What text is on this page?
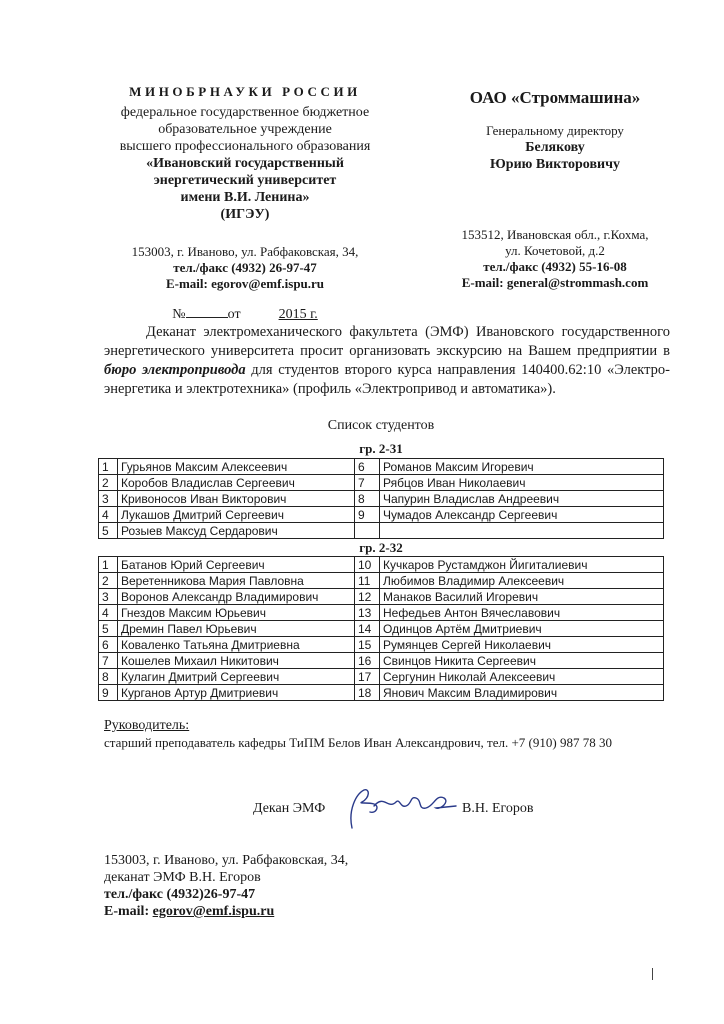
МИНОБРНАУКИ РОССИИ
федеральное государственное бюджетное
образовательное учреждение
высшего профессионального образования
«Ивановский государственный
энергетический университет
имени В.И. Ленина»
(ИГЭУ)
153003, г. Иваново, ул. Рабфаковская, 34,
тел./факс (4932) 26-97-47
E-mail: egorov@emf.ispu.ru
№	от	2015 г.
ОАО «Строммашина»
Генеральному директору
Белякову
Юрию Викторовичу
153512, Ивановская обл., г.Кохма,
ул. Кочетовой, д.2
тел./факс (4932) 55-16-08
E-mail: general@strommash.com

Деканат электромеханического факультета (ЭМФ) Ивановского государственного энергетического университета просит организовать экскурсию на Вашем предприятии в бюро электропривода для студентов второго курса направления 140400.62:10 «Электро-энергетика и электротехника» (профиль «Электропривод и автоматика»).

Список студентов
гр. 2-31
1	Гурьянов Максим Алексеевич	6	Романов Максим Игоревич
2	Коробов Владислав Сергеевич	7	Рябцов Иван Николаевич
3	Кривоносов Иван Викторович	8	Чапурин Владислав Андреевич
4	Лукашов Дмитрий Сергеевич	9	Чумадов Александр Сергеевич
5	Розыев Максуд Сердарович		
гр. 2-32
1	Батанов Юрий Сергеевич	10	Кучкаров Рустамджон Йигиталиевич
2	Веретенникова Мария Павловна	11	Любимов Владимир Алексеевич
3	Воронов Александр Владимирович	12	Манаков Василий Игоревич
4	Гнездов Максим Юрьевич	13	Нефедьев Антон Вячеславович
5	Дремин Павел Юрьевич	14	Одинцов Артём Дмитриевич
6	Коваленко Татьяна Дмитриевна	15	Румянцев Сергей Николаевич
7	Кошелев Михаил Никитович	16	Свинцов Никита Сергеевич
8	Кулагин Дмитрий Сергеевич	17	Сергунин Николай Алексеевич
9	Курганов Артур Дмитриевич	18	Янович Максим Владимирович
Руководитель:
старший преподаватель кафедры ТиПМ Белов Иван Александрович, тел. +7 (910) 987 78 30
Декан ЭМФ	В.Н. Егоров
153003, г. Иваново, ул. Рабфаковская, 34,
деканат ЭМФ В.Н. Егоров
тел./факс (4932)26-97-47
E-mail: egorov@emf.ispu.ru
